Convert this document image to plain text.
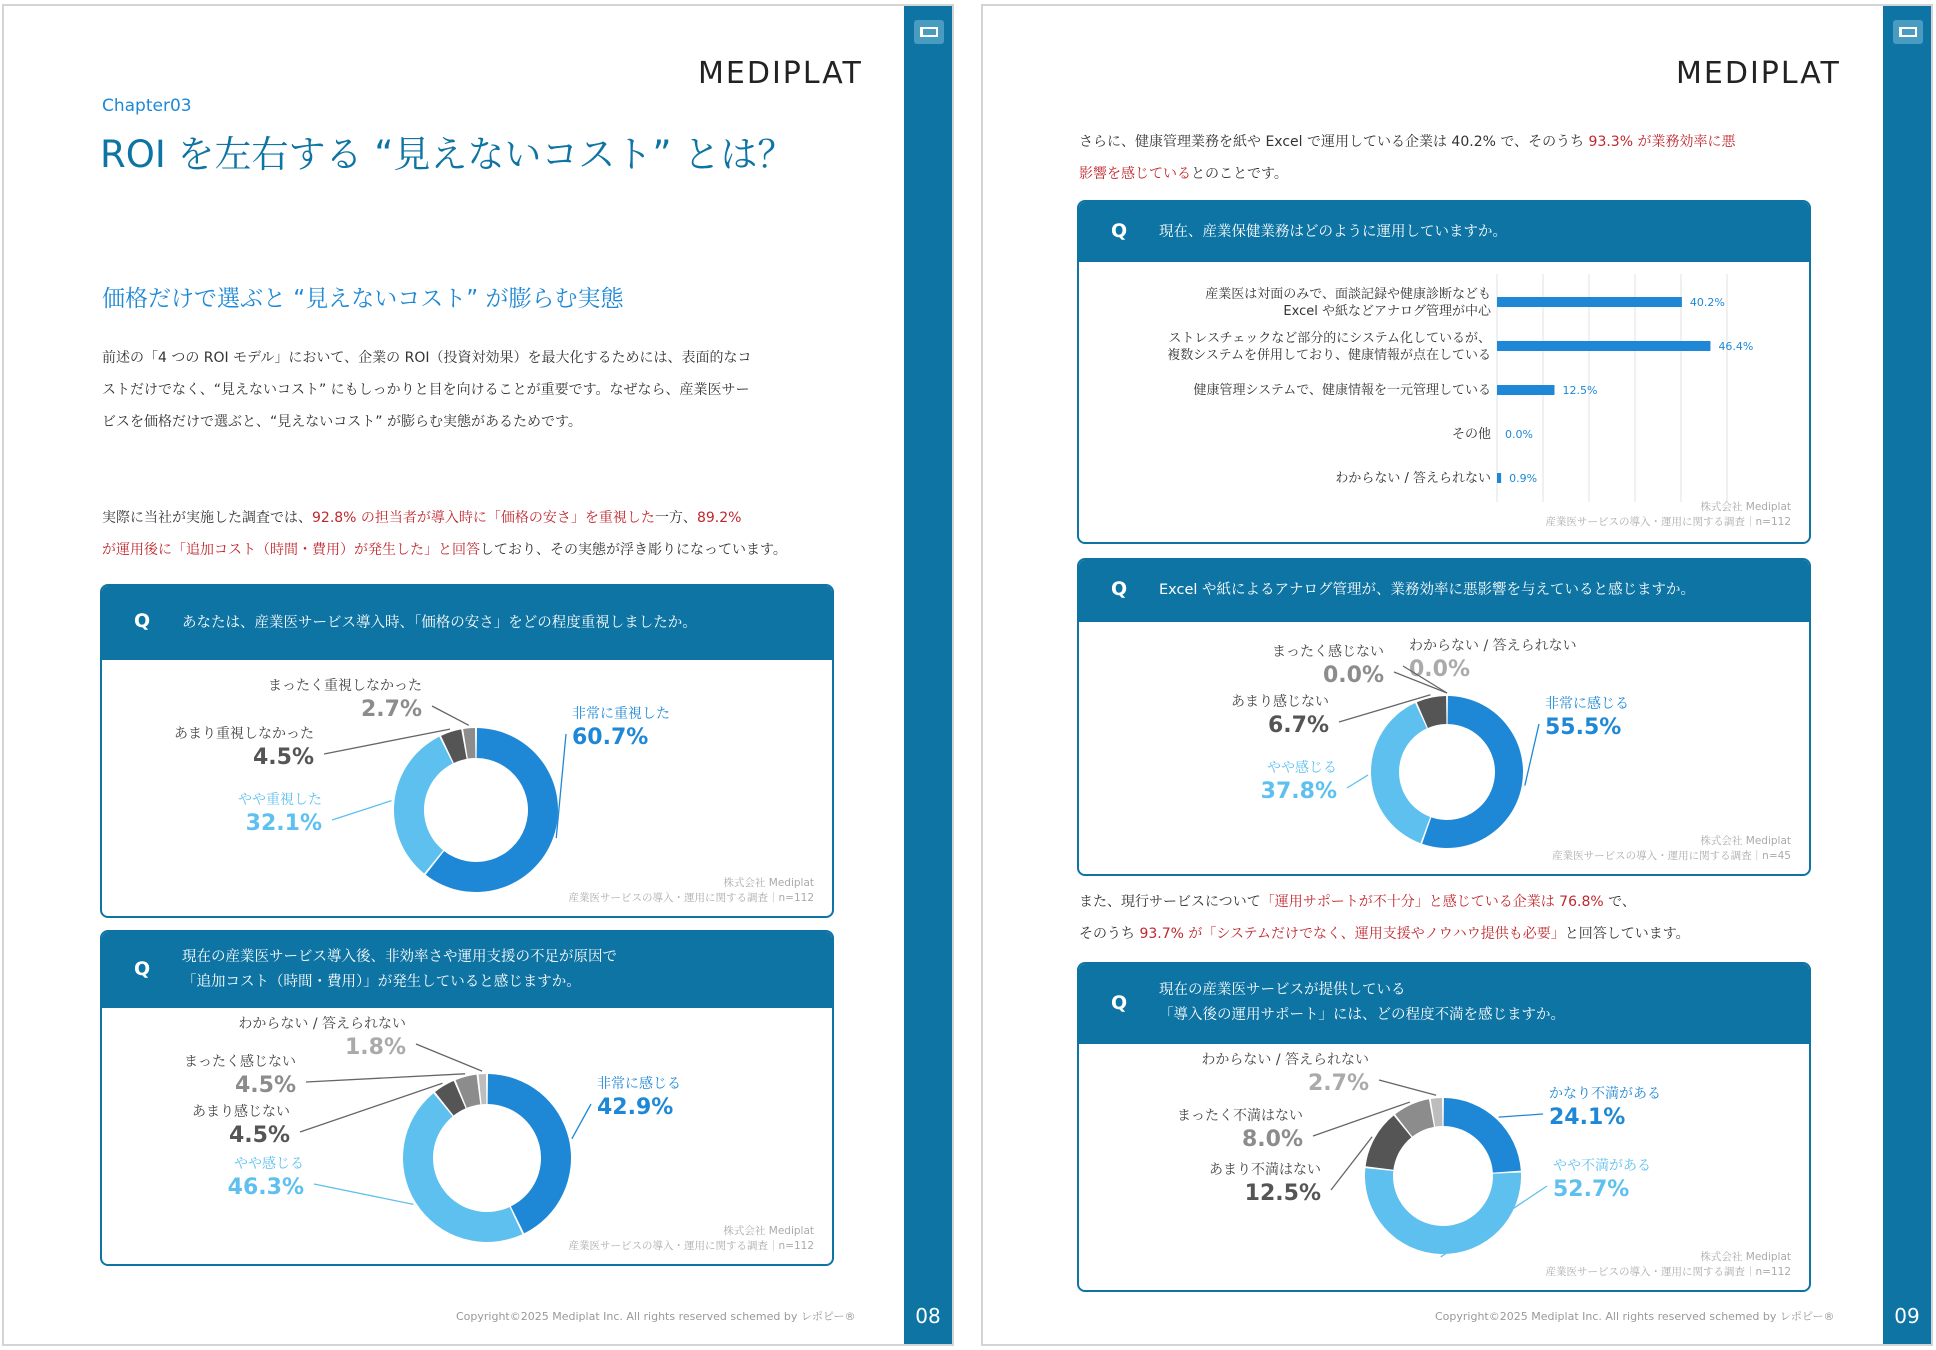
08
MEDIPLAT
Chapter03
ROI を左右する “見えないコスト” とは？
価格だけで選ぶと “見えないコスト” が膨らむ実態
前述の「4 つの ROI モデル」において、企業の ROI（投資対効果）を最大化するためには、表面的なコ
ストだけでなく、“見えないコスト” にもしっかりと目を向けることが重要です。なぜなら、産業医サー
ビスを価格だけで選ぶと、“見えないコスト” が膨らむ実態があるためです。
実際に当社が実施した調査では、92.8% の担当者が導入時に「価格の安さ」を重視した一方、89.2%
が運用後に「追加コスト（時間・費用）が発生した」と回答しており、その実態が浮き彫りになっています。
Q あなたは、産業医サービス導入時、「価格の安さ」をどの程度重視しましたか。
非常に重視した
60.7%
やや重視した
32.1%
あまり重視しなかった
4.5%
まったく重視しなかった
2.7%
株式会社 Mediplat
産業医サービスの導入・運用に関する調査｜n=112
Q
現在の産業医サービス導入後、非効率さや運用支援の不足が原因で
「追加コスト（時間・費用）」が発生していると感じますか。
非常に感じる
42.9%
やや感じる
46.3%
あまり感じない
4.5%
まったく感じない
4.5%
わからない / 答えられない
1.8%
株式会社 Mediplat
産業医サービスの導入・運用に関する調査｜n=112
Copyright©2025 Mediplat Inc. All rights reserved schemed by レポピー®	09
MEDIPLAT
さらに、健康管理業務を紙や Excel で運用している企業は 40.2% で、そのうち 93.3% が業務効率に悪
影響を感じているとのことです。
Q 現在、産業保健業務はどのように運用していますか。
40.2%
産業医は対面のみで、面談記録や健康診断なども
Excel や紙などアナログ管理が中心
46.4%
ストレスチェックなど部分的にシステム化しているが、
複数システムを併用しており、健康情報が点在している
12.5%
健康管理システムで、健康情報を一元管理している
0.0%
その他
0.9%
わからない / 答えられない
株式会社 Mediplat
産業医サービスの導入・運用に関する調査｜n=112
Q Excel や紙によるアナログ管理が、業務効率に悪影響を与えていると感じますか。
非常に感じる
55.5%
やや感じる
37.8%
あまり感じない
6.7%
まったく感じない
0.0%
わからない / 答えられない
0.0%
株式会社 Mediplat
産業医サービスの導入・運用に関する調査｜n=45
また、現行サービスについて「運用サポートが不十分」と感じている企業は 76.8% で、
そのうち 93.7% が「システムだけでなく、運用支援やノウハウ提供も必要」と回答しています。
Q
現在の産業医サービスが提供している
「導入後の運用サポート」には、どの程度不満を感じますか。
かなり不満がある
24.1%
やや不満がある
52.7%
あまり不満はない
12.5%
まったく不満はない
8.0%
わからない / 答えられない
2.7%
株式会社 Mediplat
産業医サービスの導入・運用に関する調査｜n=112
Copyright©2025 Mediplat Inc. All rights reserved schemed by レポピー®
